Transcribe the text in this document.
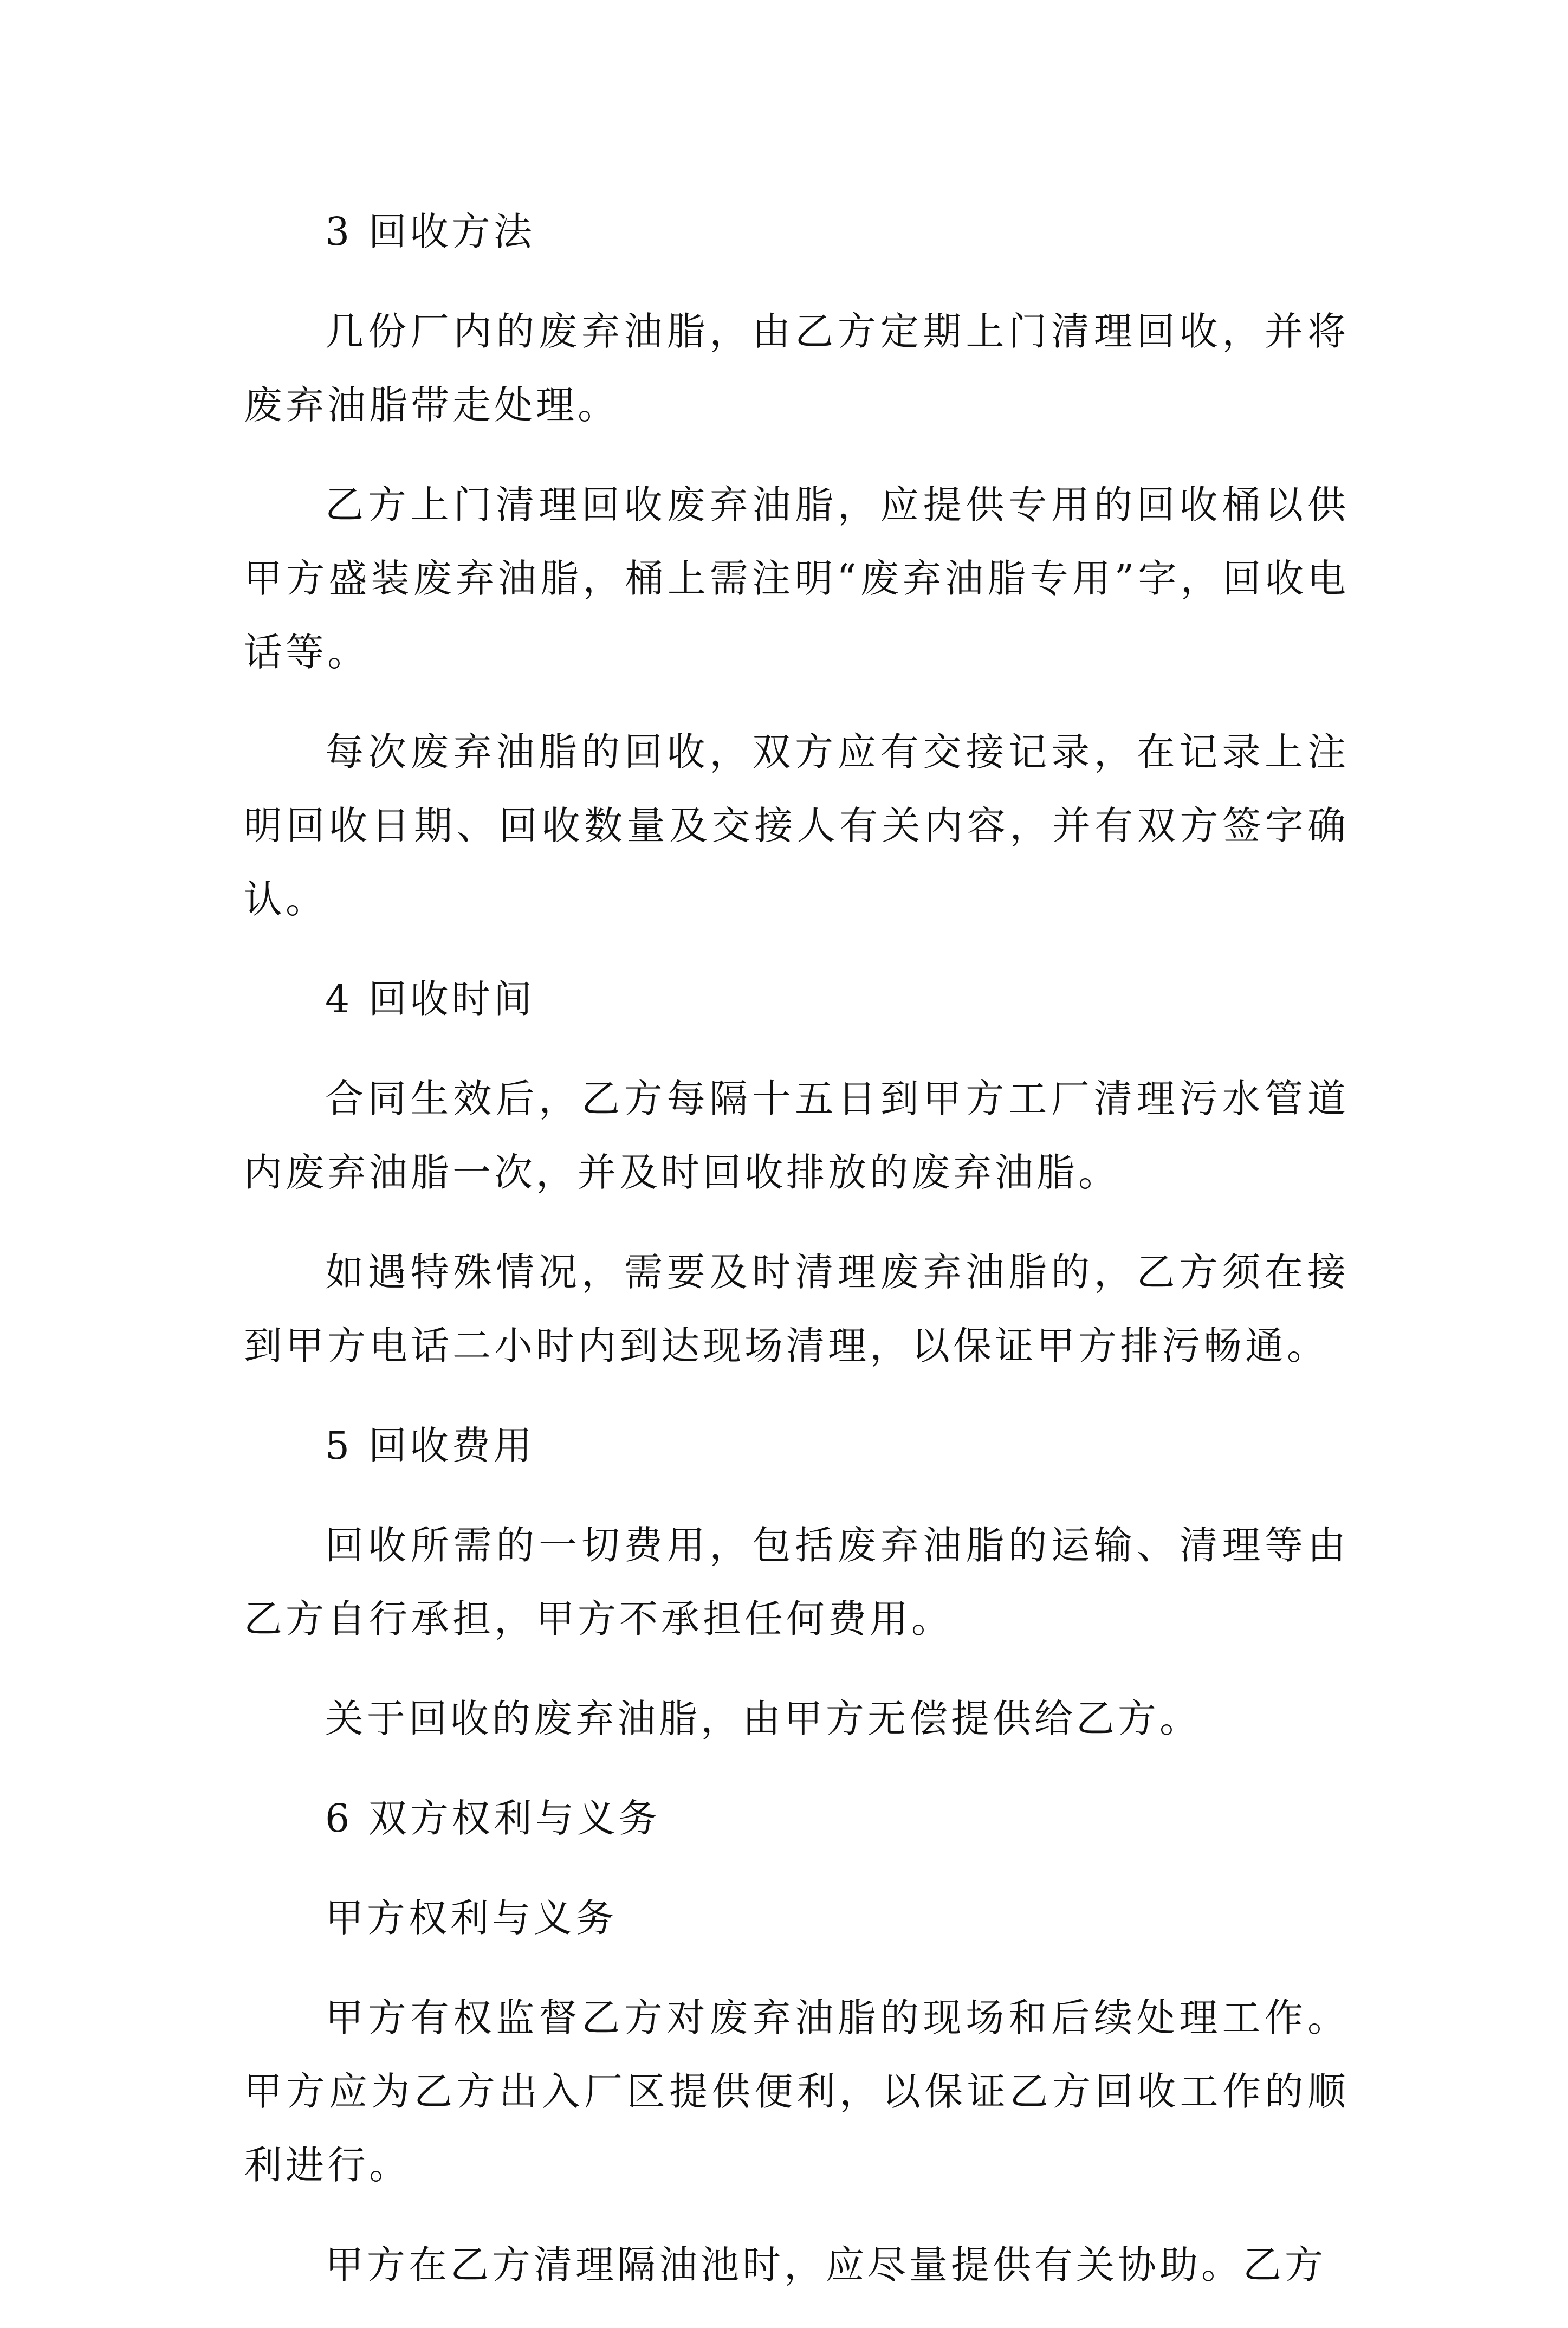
3 回收方法

几份厂内的废弃油脂，由乙方定期上门清理回收，并将废弃油脂带走处理。

乙方上门清理回收废弃油脂，应提供专用的回收桶以供甲方盛装废弃油脂，桶上需注明“废弃油脂专用”字，回收电话等。

每次废弃油脂的回收，双方应有交接记录，在记录上注明回收日期、回收数量及交接人有关内容，并有双方签字确认。

4 回收时间

合同生效后，乙方每隔十五日到甲方工厂清理污水管道内废弃油脂一次，并及时回收排放的废弃油脂。

如遇特殊情况，需要及时清理废弃油脂的，乙方须在接到甲方电话二小时内到达现场清理，以保证甲方排污畅通。

5 回收费用

回收所需的一切费用，包括废弃油脂的运输、清理等由乙方自行承担，甲方不承担任何费用。

关于回收的废弃油脂，由甲方无偿提供给乙方。

6 双方权利与义务

甲方权利与义务

甲方有权监督乙方对废弃油脂的现场和后续处理工作。甲方应为乙方出入厂区提供便利，以保证乙方回收工作的顺利进行。

甲方在乙方清理隔油池时，应尽量提供有关协助。乙方
